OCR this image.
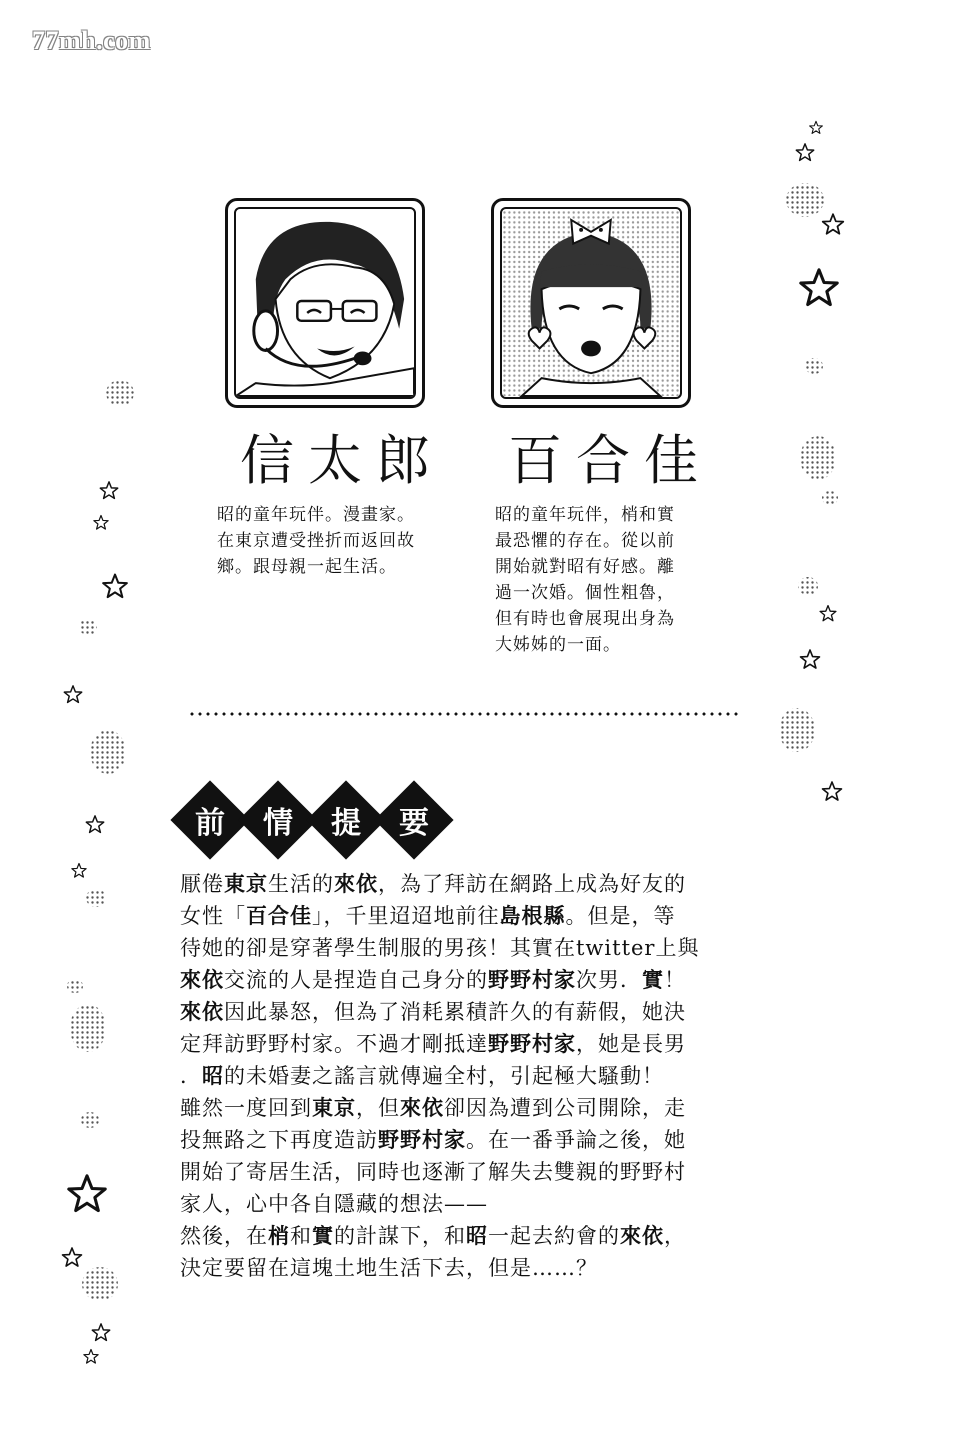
77mh.com
信太郎 百合佳
昭的童年玩伴。漫畫家。
在東京遭受挫折而返回故
鄉。跟母親一起生活。
昭的童年玩伴，梢和實
最恐懼的存在。從以前
開始就對昭有好感。離
過一次婚。個性粗魯，
但有時也會展現出身為
大姊姊的一面。
前	情	提	要

厭倦東京生活的來依，為了拜訪在網路上成為好友的

女性「百合佳」，千里迢迢地前往島根縣。但是，等

待她的卻是穿著學生制服的男孩！其實在twitter上與

來依交流的人是捏造自己身分的野野村家次男．實！

來依因此暴怒，但為了消耗累積許久的有薪假，她決

定拜訪野野村家。不過才剛抵達野野村家，她是長男

．昭的未婚妻之謠言就傳遍全村，引起極大騷動！

雖然一度回到東京，但來依卻因為遭到公司開除，走

投無路之下再度造訪野野村家。在一番爭論之後，她

開始了寄居生活，同時也逐漸了解失去雙親的野野村

家人，心中各自隱藏的想法——

然後，在梢和實的計謀下，和昭一起去約會的來依，

決定要留在這塊土地生活下去，但是……？
